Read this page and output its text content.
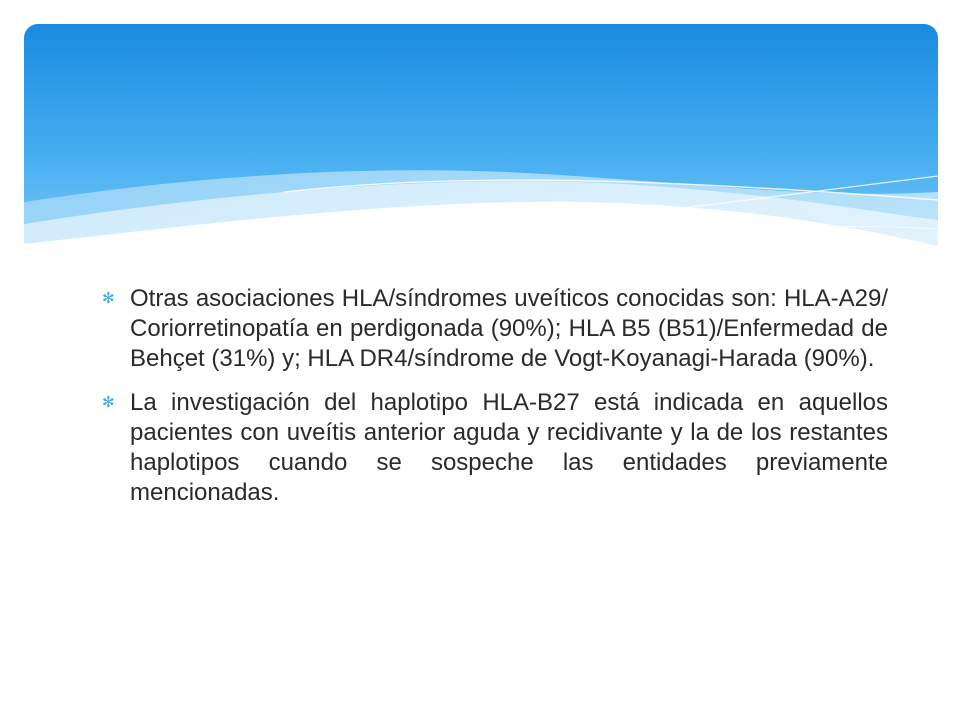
✻ Otras asociaciones HLA/síndromes uveíticos conocidas son: HLA-A29/ Coriorretinopatía en perdigonada (90%); HLA B5 (B51)/Enfermedad de Behçet (31%) y; HLA DR4/síndrome de Vogt-Koyanagi-Harada (90%).
✻ La investigación del haplotipo HLA-B27 está indicada en aquellos pacientes con uveítis anterior aguda y recidivante y la de los restantes haplotipos cuando se sospeche las entidades previamente mencionadas.
